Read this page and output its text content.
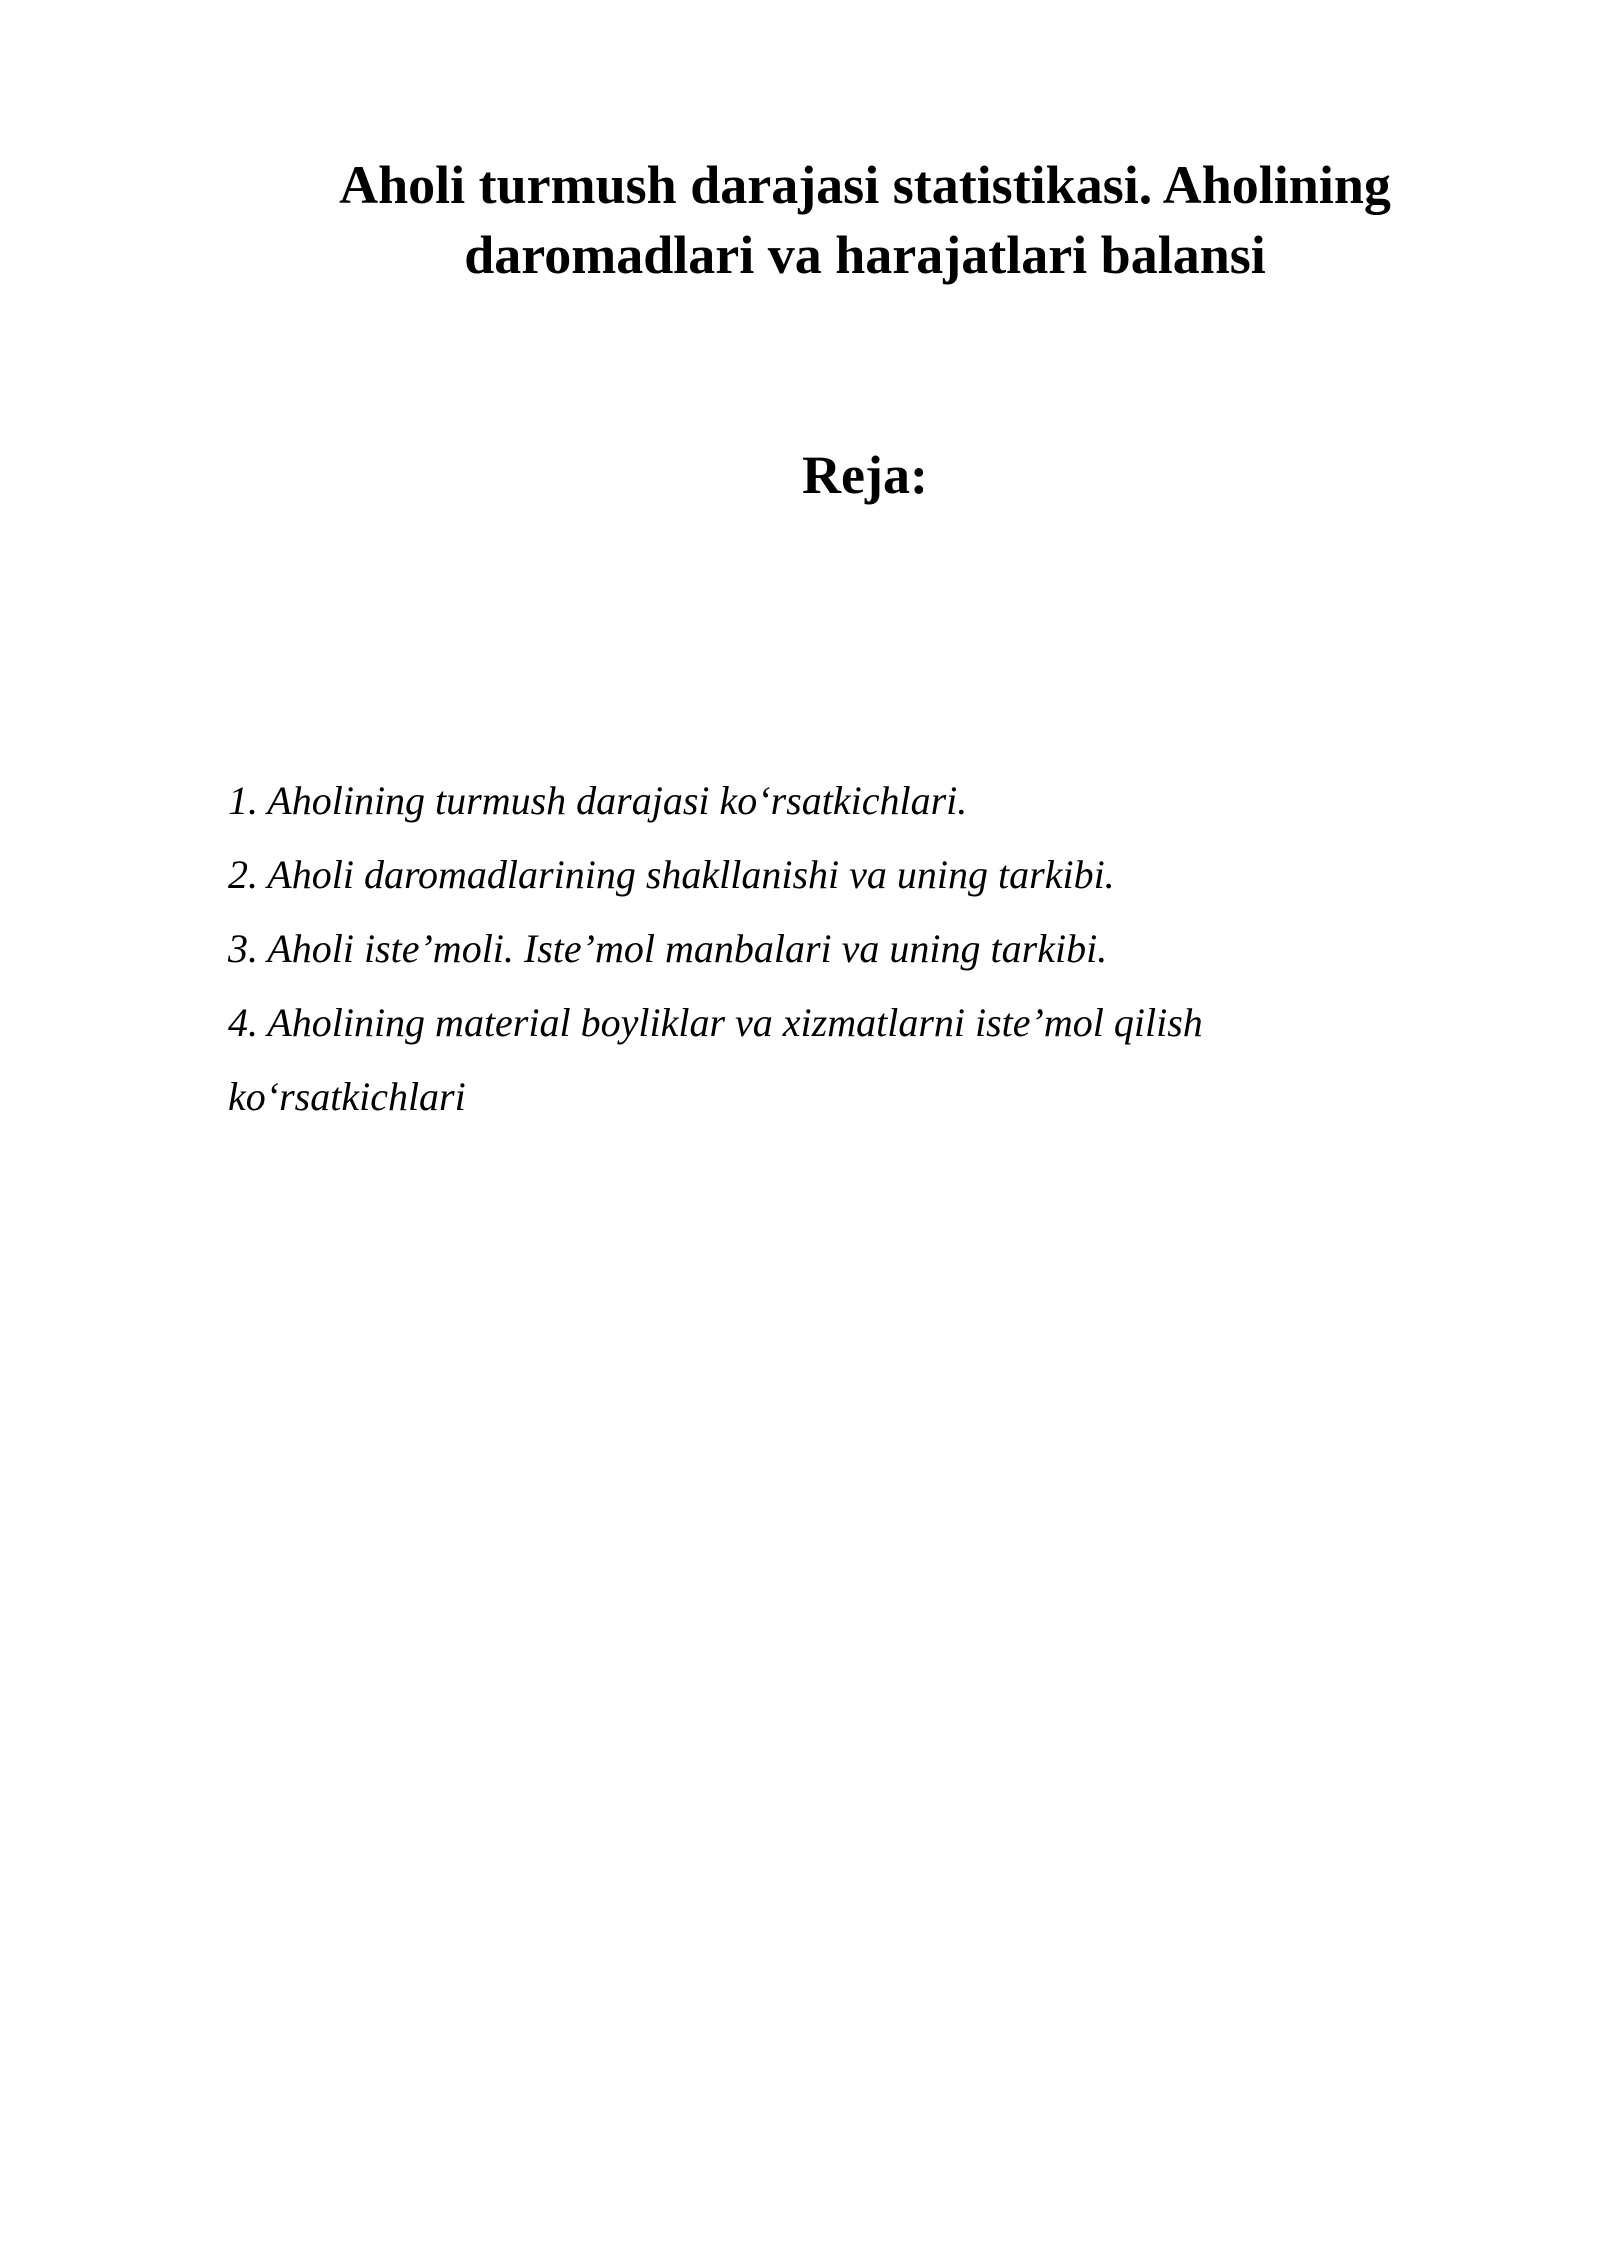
Aholi turmush darajasi statistikasi. Aholining
daromadlari va harajatlari balansi
Reja:
1. Aholining turmush darajasi ko‘rsatkichlari.
2. Aholi daromadlarining shakllanishi va uning tarkibi.
3. Aholi iste’moli. Iste’mol manbalari va uning tarkibi.
4. Aholining material boyliklar va xizmatlarni iste’mol qilish ko‘rsatkichlari
